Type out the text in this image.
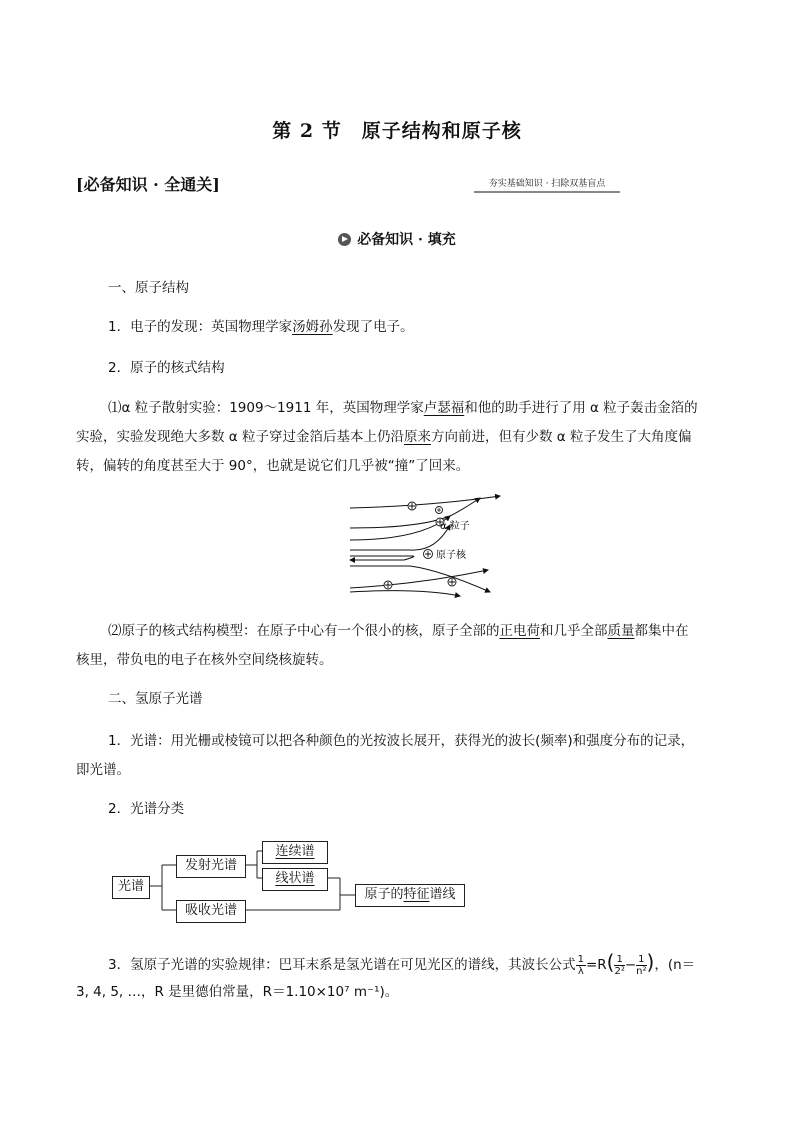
第 2 节　原子结构和原子核
[必备知识 · 全通关]	夯实基础知识 · 扫除双基盲点
必备知识 · 填充
一、原子结构
1．电子的发现：英国物理学家汤姆孙发现了电子。
2．原子的核式结构
⑴α 粒子散射实验：1909～1911 年，英国物理学家卢瑟福和他的助手进行了用 α 粒子轰击金箔的
实验，实验发现绝大多数 α 粒子穿过金箔后基本上仍沿原来方向前进，但有少数 α 粒子发生了大角度偏
转，偏转的角度甚至大于 90°，也就是说它们几乎被“撞”了回来。
α 粒子
原子核
⑵原子的核式结构模型：在原子中心有一个很小的核，原子全部的正电荷和几乎全部质量都集中在
核里，带负电的电子在核外空间绕核旋转。
二、氢原子光谱
1．光谱：用光栅或棱镜可以把各种颜色的光按波长展开，获得光的波长(频率)和强度分布的记录，
即光谱。
2．光谱分类
光谱
发射光谱
吸收光谱
连续谱
线状谱
原子的特征谱线
3．氢原子光谱的实验规律：巴耳末系是氢光谱在可见光区的谱线，其波长公式 $\frac{1}{\lambda} =R( \frac{1}{\text{2²}} - \frac{1}{\text{n²}}$ )，(n＝
3, 4, 5, …，R 是里德伯常量，R＝1.10×10⁷ m⁻¹)。
